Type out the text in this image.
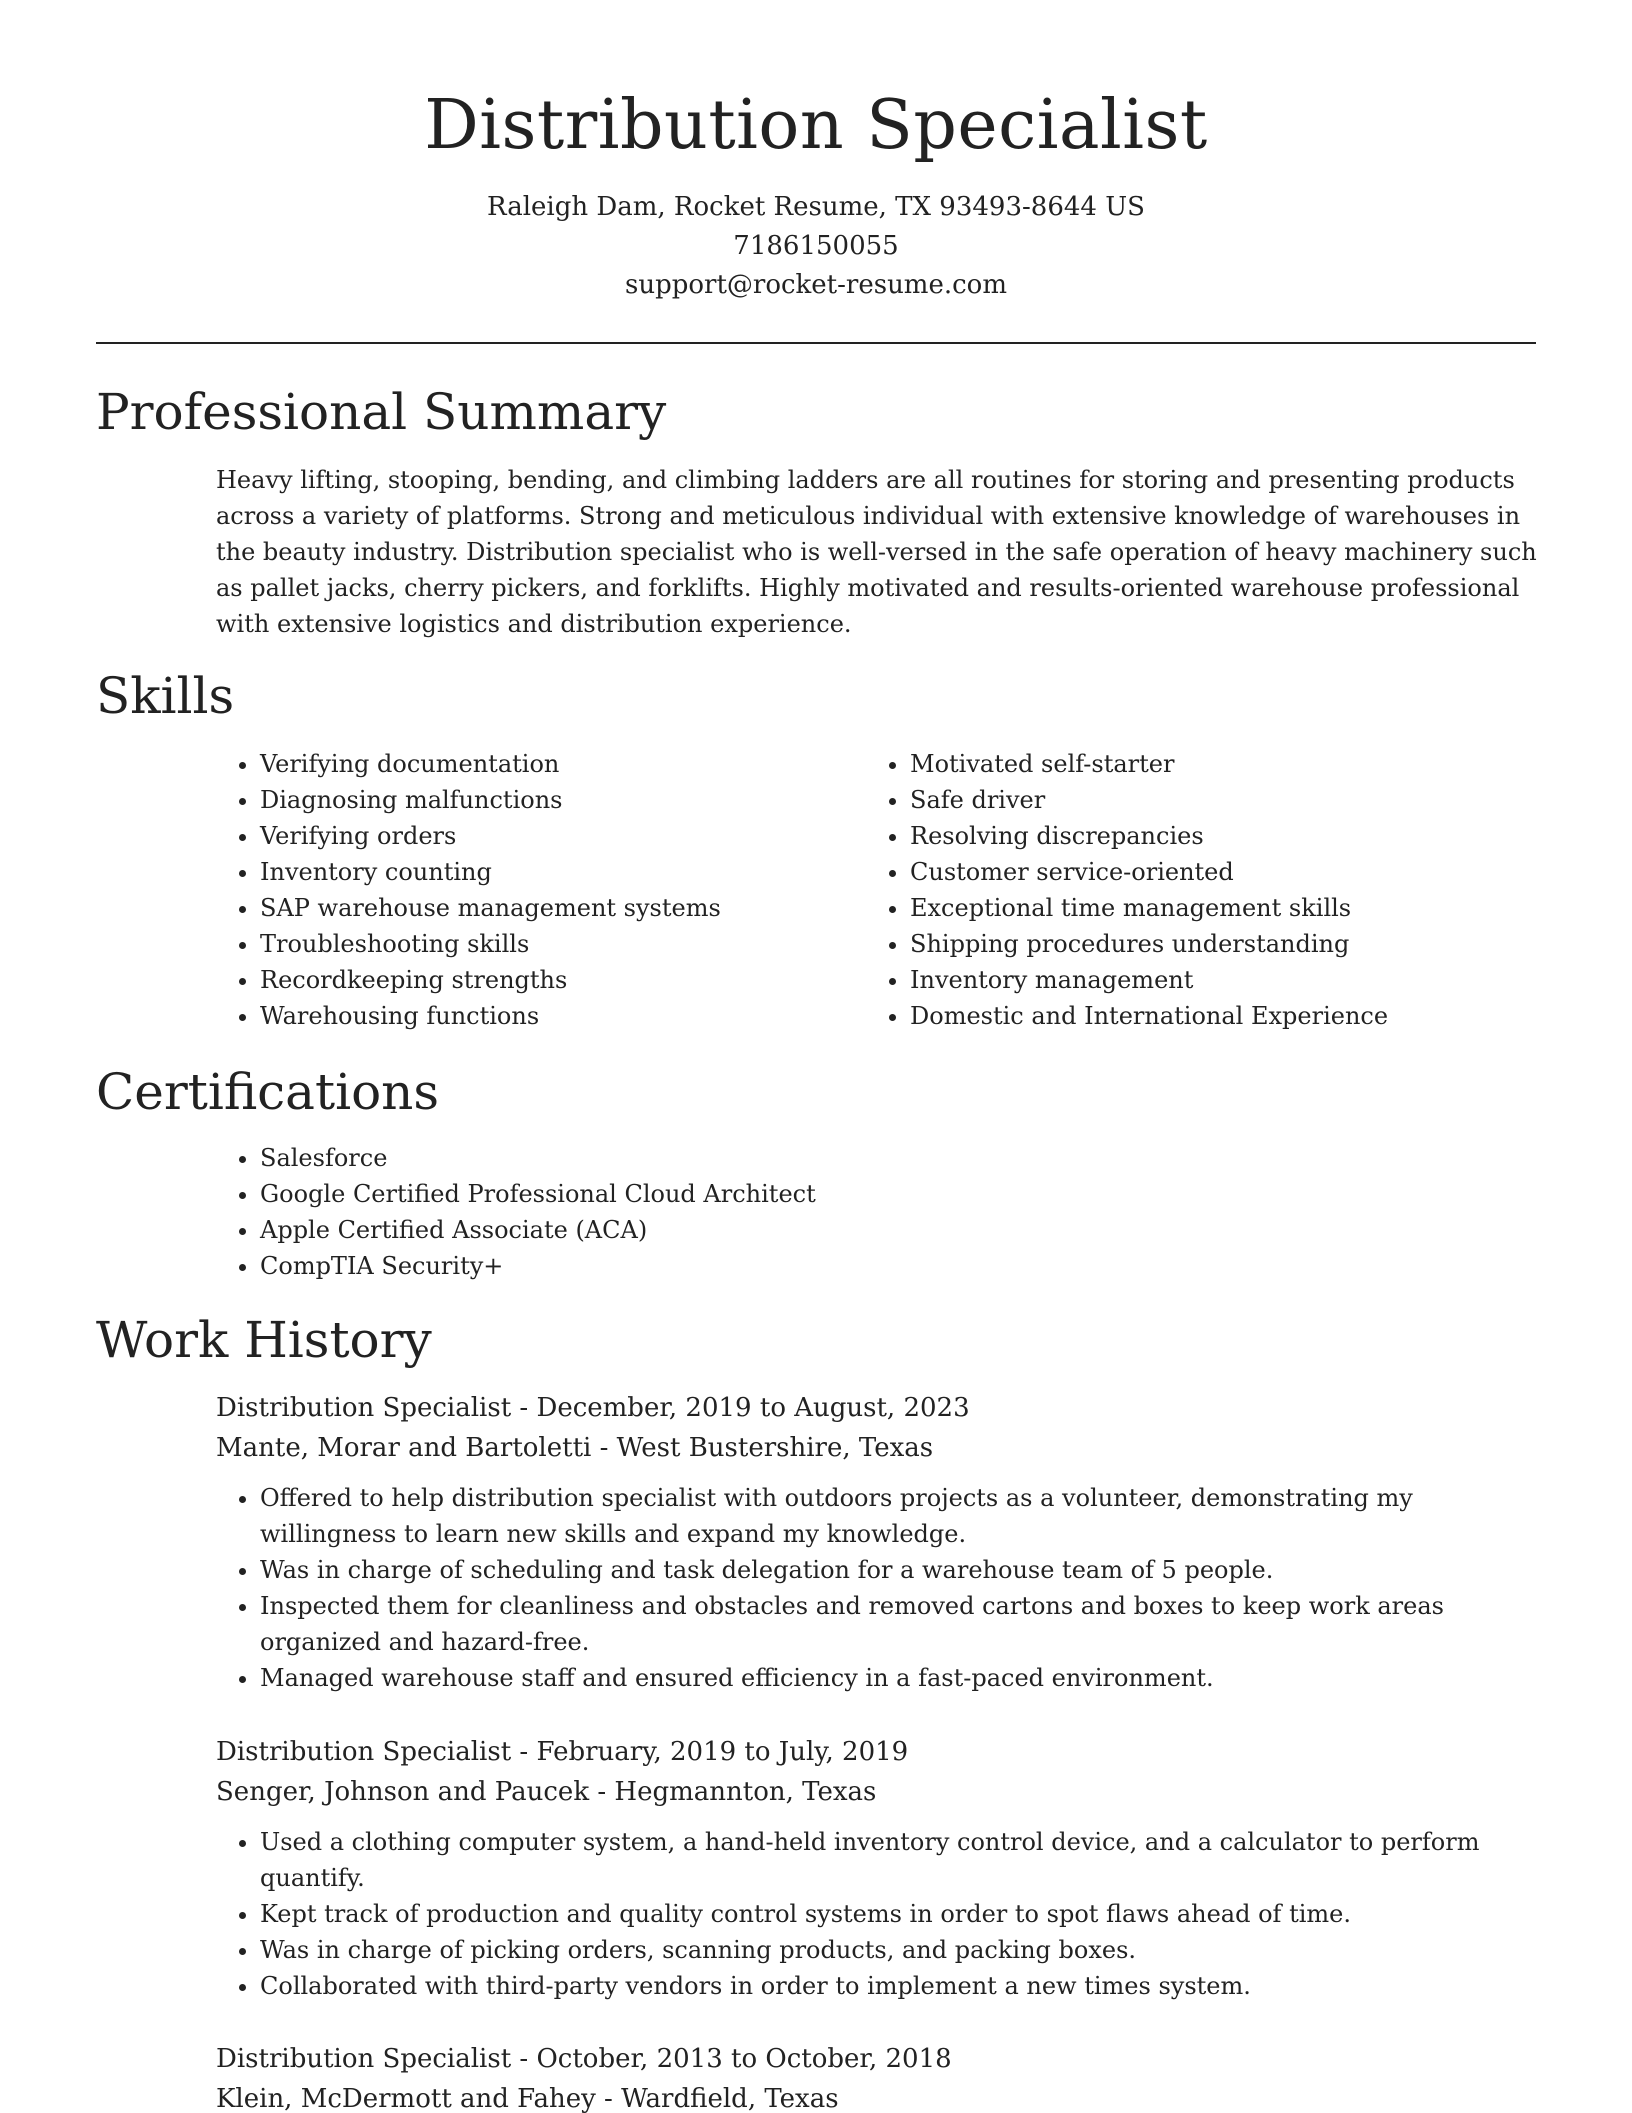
Distribution Specialist
Raleigh Dam, Rocket Resume, TX 93493-8644 US
7186150055
support@rocket-resume.com
Professional Summary
Heavy lifting, stooping, bending, and climbing ladders are all routines for storing and presenting products across a variety of platforms. Strong and meticulous individual with extensive knowledge of warehouses in the beauty industry. Distribution specialist who is well-versed in the safe operation of heavy machinery such as pallet jacks, cherry pickers, and forklifts. Highly motivated and results-oriented warehouse professional with extensive logistics and distribution experience.
Skills
• Verifying documentation
• Diagnosing malfunctions
• Verifying orders
• Inventory counting
• SAP warehouse management systems
• Troubleshooting skills
• Recordkeeping strengths
• Warehousing functions
• Motivated self-starter
• Safe driver
• Resolving discrepancies
• Customer service-oriented
• Exceptional time management skills
• Shipping procedures understanding
• Inventory management
• Domestic and International Experience
Certifications
• Salesforce
• Google Certified Professional Cloud Architect
• Apple Certified Associate (ACA)
• CompTIA Security+
Work History
Distribution Specialist - December, 2019 to August, 2023
Mante, Morar and Bartoletti - West Bustershire, Texas
• Offered to help distribution specialist with outdoors projects as a volunteer, demonstrating my willingness to learn new skills and expand my knowledge.
• Was in charge of scheduling and task delegation for a warehouse team of 5 people.
• Inspected them for cleanliness and obstacles and removed cartons and boxes to keep work areas organized and hazard-free.
• Managed warehouse staff and ensured efficiency in a fast-paced environment.
Distribution Specialist - February, 2019 to July, 2019
Senger, Johnson and Paucek - Hegmannton, Texas
• Used a clothing computer system, a hand-held inventory control device, and a calculator to perform quantify.
• Kept track of production and quality control systems in order to spot flaws ahead of time.
• Was in charge of picking orders, scanning products, and packing boxes.
• Collaborated with third-party vendors in order to implement a new times system.
Distribution Specialist - October, 2013 to October, 2018
Klein, McDermott and Fahey - Wardfield, Texas
